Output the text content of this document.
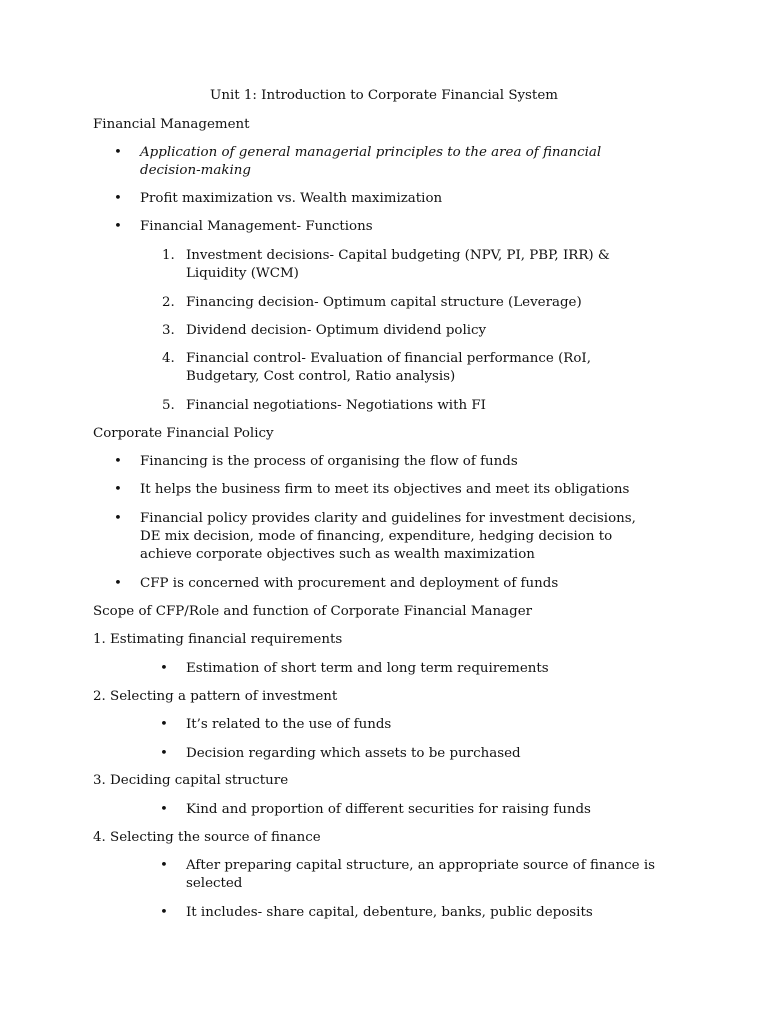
Unit 1: Introduction to Corporate Financial System
Financial Management
• Application of general managerial principles to the area of financial decision-making
• Profit maximization vs. Wealth maximization
• Financial Management- Functions
1. Investment decisions- Capital budgeting (NPV, PI, PBP, IRR) & Liquidity (WCM)
2. Financing decision- Optimum capital structure (Leverage)
3. Dividend decision- Optimum dividend policy
4. Financial control- Evaluation of financial performance (RoI, Budgetary, Cost control, Ratio analysis)
5. Financial negotiations- Negotiations with FI
Corporate Financial Policy
• Financing is the process of organising the flow of funds
• It helps the business firm to meet its objectives and meet its obligations
• Financial policy provides clarity and guidelines for investment decisions, DE mix decision, mode of financing, expenditure, hedging decision to achieve corporate objectives such as wealth maximization
• CFP is concerned with procurement and deployment of funds
Scope of CFP/Role and function of Corporate Financial Manager
1. Estimating financial requirements
• Estimation of short term and long term requirements
2. Selecting a pattern of investment
• It’s related to the use of funds
• Decision regarding which assets to be purchased
3. Deciding capital structure
• Kind and proportion of different securities for raising funds
4. Selecting the source of finance
• After preparing capital structure, an appropriate source of finance is selected
• It includes- share capital, debenture, banks, public deposits
